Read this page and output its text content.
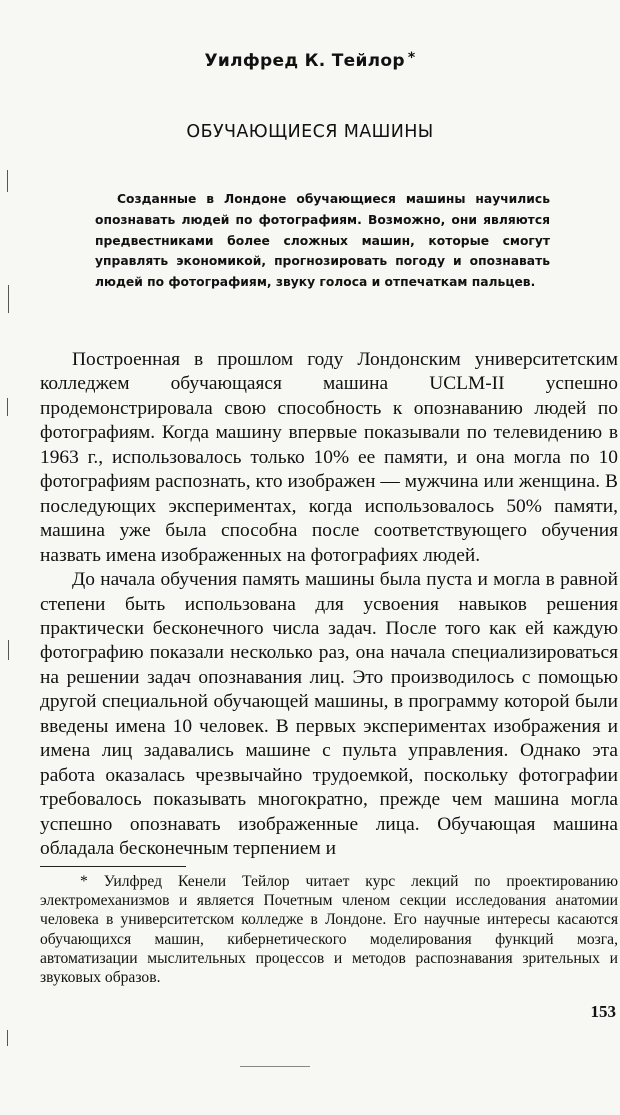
Уилфред К. Тейлор *
ОБУЧАЮЩИЕСЯ МАШИНЫ
Созданные в Лондоне обучающиеся машины научились опознавать людей по фотографиям. Возможно, они являются предвестниками более сложных машин, которые смогут управлять экономикой, прогнозировать погоду и опознавать людей по фотографиям, звуку голоса и отпечаткам пальцев.

Построенная в прошлом году Лондонским университетским колледжем обучающаяся машина UCLM-II успешно продемонстрировала свою способность к опознаванию людей по фотографиям. Когда машину впервые показывали по телевидению в 1963 г., использовалось только 10% ее памяти, и она могла по 10 фотографиям распознать, кто изображен — мужчина или женщина. В последующих экспериментах, когда использовалось 50% памяти, машина уже была способна после соответствующего обучения назвать имена изображенных на фотографиях людей.

До начала обучения память машины была пуста и могла в равной степени быть использована для усвоения навыков решения практически бесконечного числа задач. После того как ей каждую фотографию показали несколько раз, она начала специализироваться на решении задач опознавания лиц. Это производилось с помощью другой специальной обучающей машины, в программу которой были введены имена 10 человек. В первых экспериментах изображения и имена лиц задавались машине с пульта управления. Однако эта работа оказалась чрезвычайно трудоемкой, поскольку фотографии требовалось показывать многократно, прежде чем машина могла успешно опознавать изображенные лица. Обучающая машина обладала бесконечным терпением и

* Уилфред Кенели Тейлор читает курс лекций по проектированию электромеханизмов и является Почетным членом секции исследования анатомии человека в университетском колледже в Лондоне. Его научные интересы касаются обучающихся машин, кибернетического моделирования функций мозга, автоматизации мыслительных процессов и методов распознавания зрительных и звуковых образов.
153
